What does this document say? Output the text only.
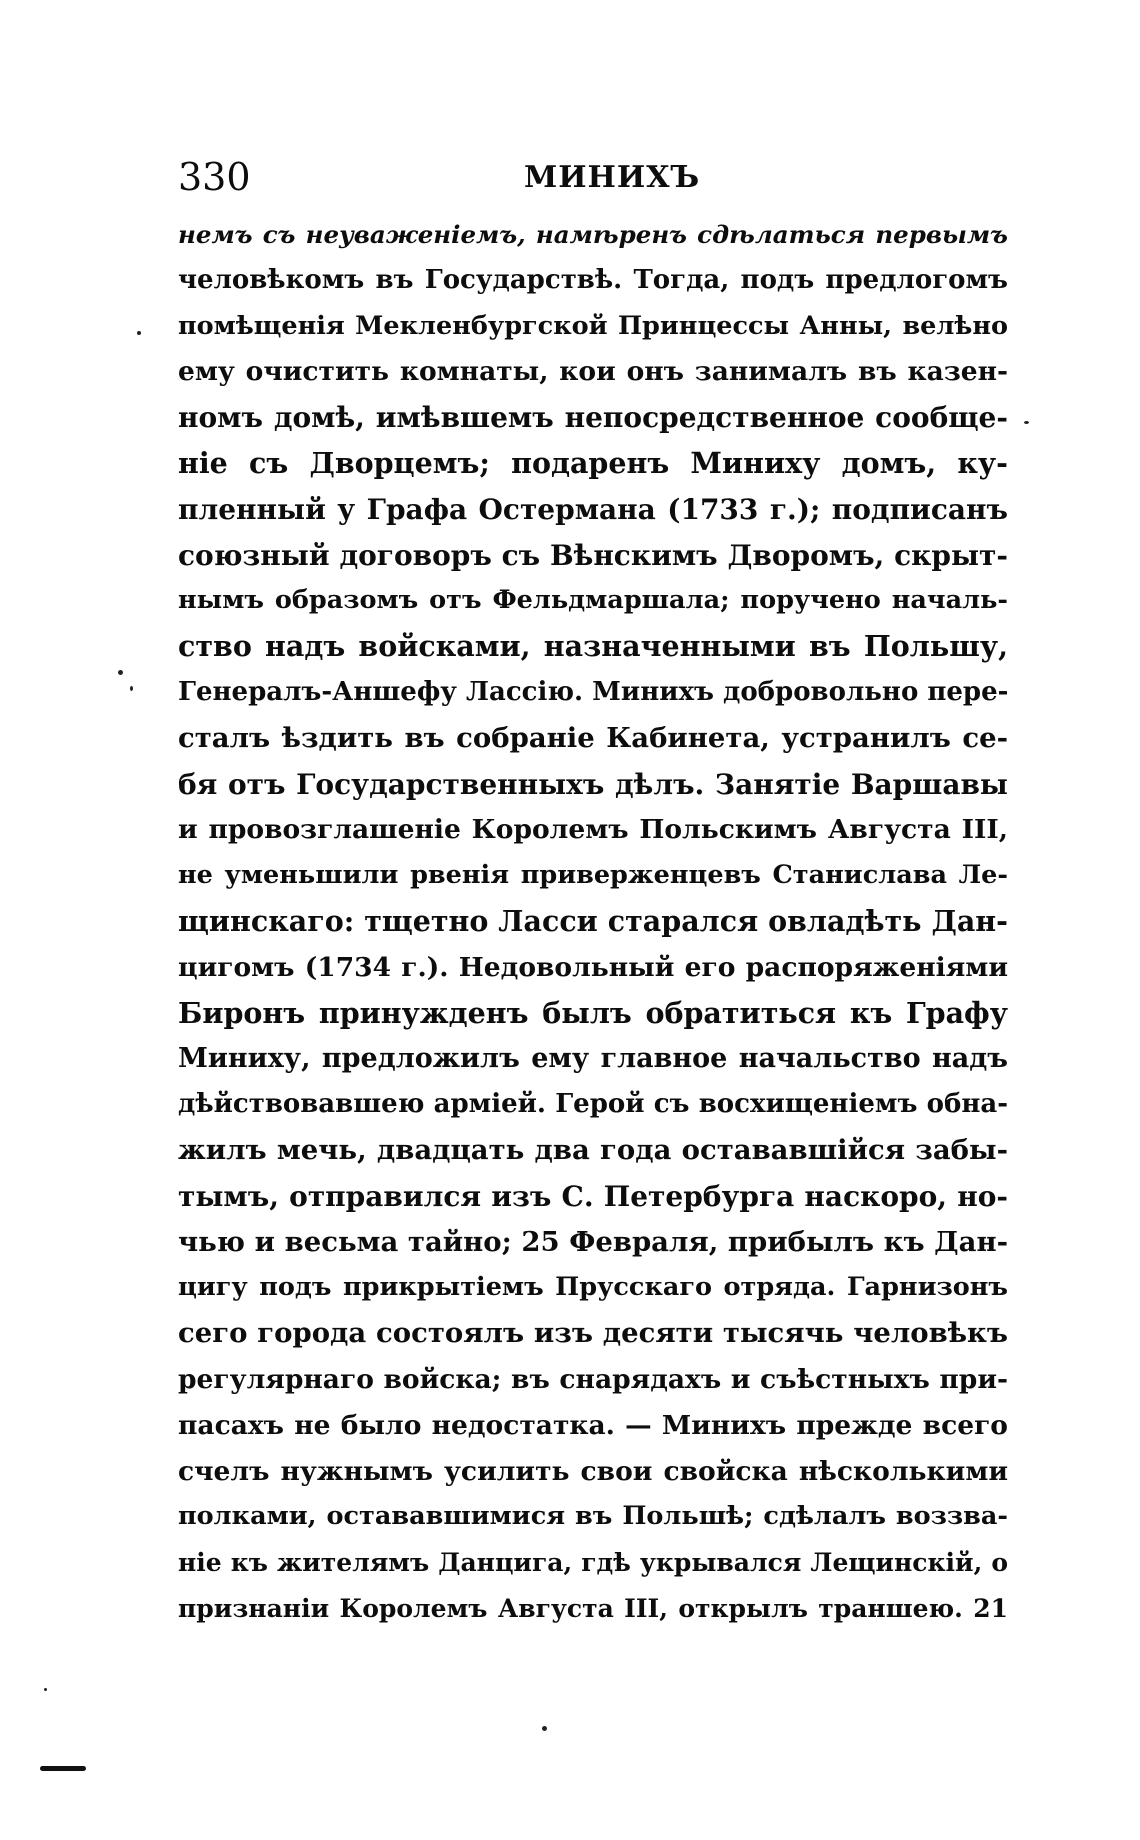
330	МИНИХЪ
немъ съ неуваженіемъ, намѣренъ сдѣлаться первымъ
человѣкомъ въ Государствѣ. Тогда, подъ предлогомъ
помѣщенія Мекленбургской Принцессы Анны, велѣно
ему очистить комнаты, кои онъ занималъ въ казен-
номъ домѣ, имѣвшемъ непосредственное сообще-
ніе съ Дворцемъ; подаренъ Миниху домъ, ку-
пленный у Графа Остермана (1733 г.); подписанъ
союзный договоръ съ Вѣнскимъ Дворомъ, скрыт-
нымъ образомъ отъ Фельдмаршала; поручено началь-
ство надъ войсками, назначенными въ Польшу,
Генералъ-Аншефу Лассію. Минихъ добровольно пере-
сталъ ѣздить въ собраніе Кабинета, устранилъ се-
бя отъ Государственныхъ дѣлъ. Занятіе Варшавы
и провозглашеніе Королемъ Польскимъ Августа III,
не уменьшили рвенія приверженцевъ Станислава Ле-
щинскаго: тщетно Ласси старался овладѣть Дан-
цигомъ (1734 г.). Недовольный его распоряженіями
Биронъ принужденъ былъ обратиться къ Графу
Миниху, предложилъ ему главное начальство надъ
дѣйствовавшею арміей. Герой съ восхищеніемъ обна-
жилъ мечь, двадцать два года остававшійся забы-
тымъ, отправился изъ С. Петербурга наскоро, но-
чью и весьма тайно; 25 Февраля, прибылъ къ Дан-
цигу подъ прикрытіемъ Прусскаго отряда. Гарнизонъ
сего города состоялъ изъ десяти тысячь человѣкъ
регулярнаго войска; въ снарядахъ и съѣстныхъ при-
пасахъ не было недостатка. — Минихъ прежде всего
счелъ нужнымъ усилить свои свойска нѣсколькими
полками, остававшимися въ Польшѣ; сдѣлалъ воззва-
ніе къ жителямъ Данцига, гдѣ укрывался Лещинскій, о
признаніи Королемъ Августа III, открылъ траншею. 21
